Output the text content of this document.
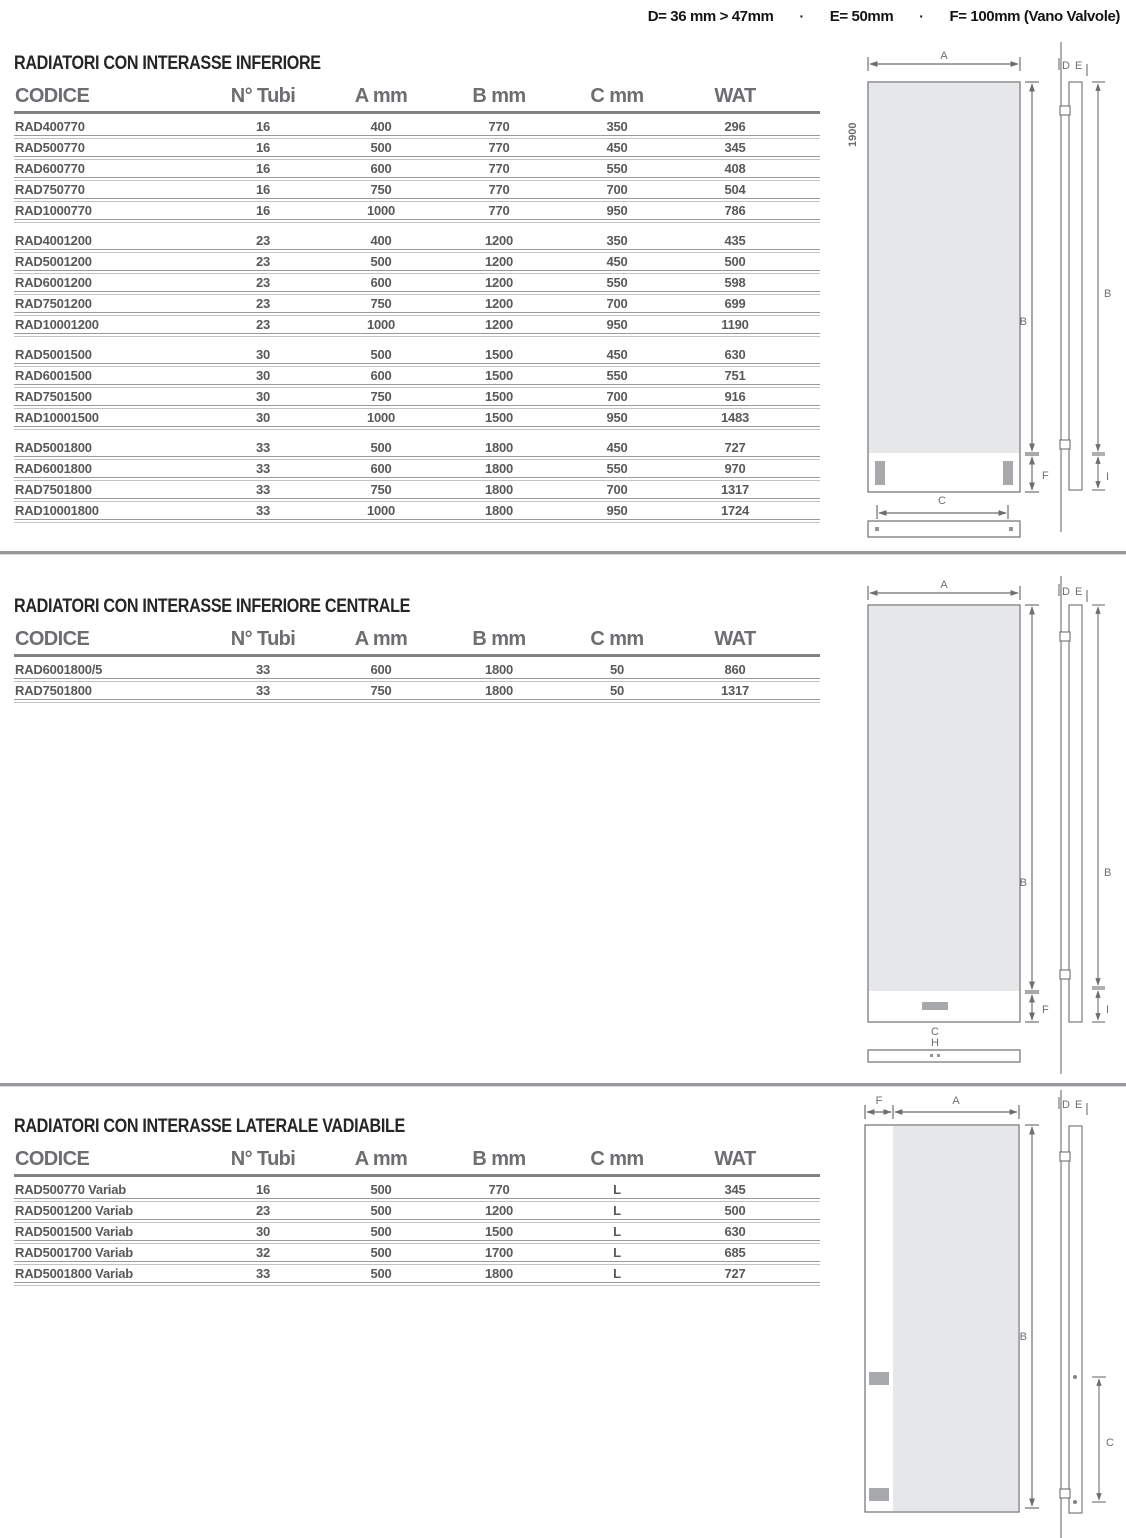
D= 36 mm > 47mm · E= 50mm · F= 100mm (Vano Valvole)
RADIATORI CON INTERASSE INFERIORE
CODICE	N° Tubi	A mm	B mm	C mm	WAT
RAD400770	16	400	770	350	296
RAD500770	16	500	770	450	345
RAD600770	16	600	770	550	408
RAD750770	16	750	770	700	504
RAD1000770	16	1000	770	950	786
RAD4001200	23	400	1200	350	435
RAD5001200	23	500	1200	450	500
RAD6001200	23	600	1200	550	598
RAD7501200	23	750	1200	700	699
RAD10001200	23	1000	1200	950	1190
RAD5001500	30	500	1500	450	630
RAD6001500	30	600	1500	550	751
RAD7501500	30	750	1500	700	916
RAD10001500	30	1000	1500	950	1483
RAD5001800	33	500	1800	450	727
RAD6001800	33	600	1800	550	970
RAD7501800	33	750	1800	700	1317
RAD10001800	33	1000	1800	950	1724
RADIATORI CON INTERASSE INFERIORE CENTRALE
CODICE	N° Tubi	A mm	B mm	C mm	WAT
RAD6001800/5	33	600	1800	50	860
RAD7501800	33	750	1800	50	1317
RADIATORI CON INTERASSE LATERALE VADIABILE
CODICE	N° Tubi	A mm	B mm	C mm	WAT
RAD500770 Variab	16	500	770	L	345
RAD5001200 Variab	23	500	1200	L	500
RAD5001500 Variab	30	500	1500	L	630
RAD5001700 Variab	32	500	1700	L	685
RAD5001800 Variab	33	500	1800	L	727
A
1900
B
F
C
D E
B
I
A
B
F
C
H
D E
B
I
F	A
B
D E
C
